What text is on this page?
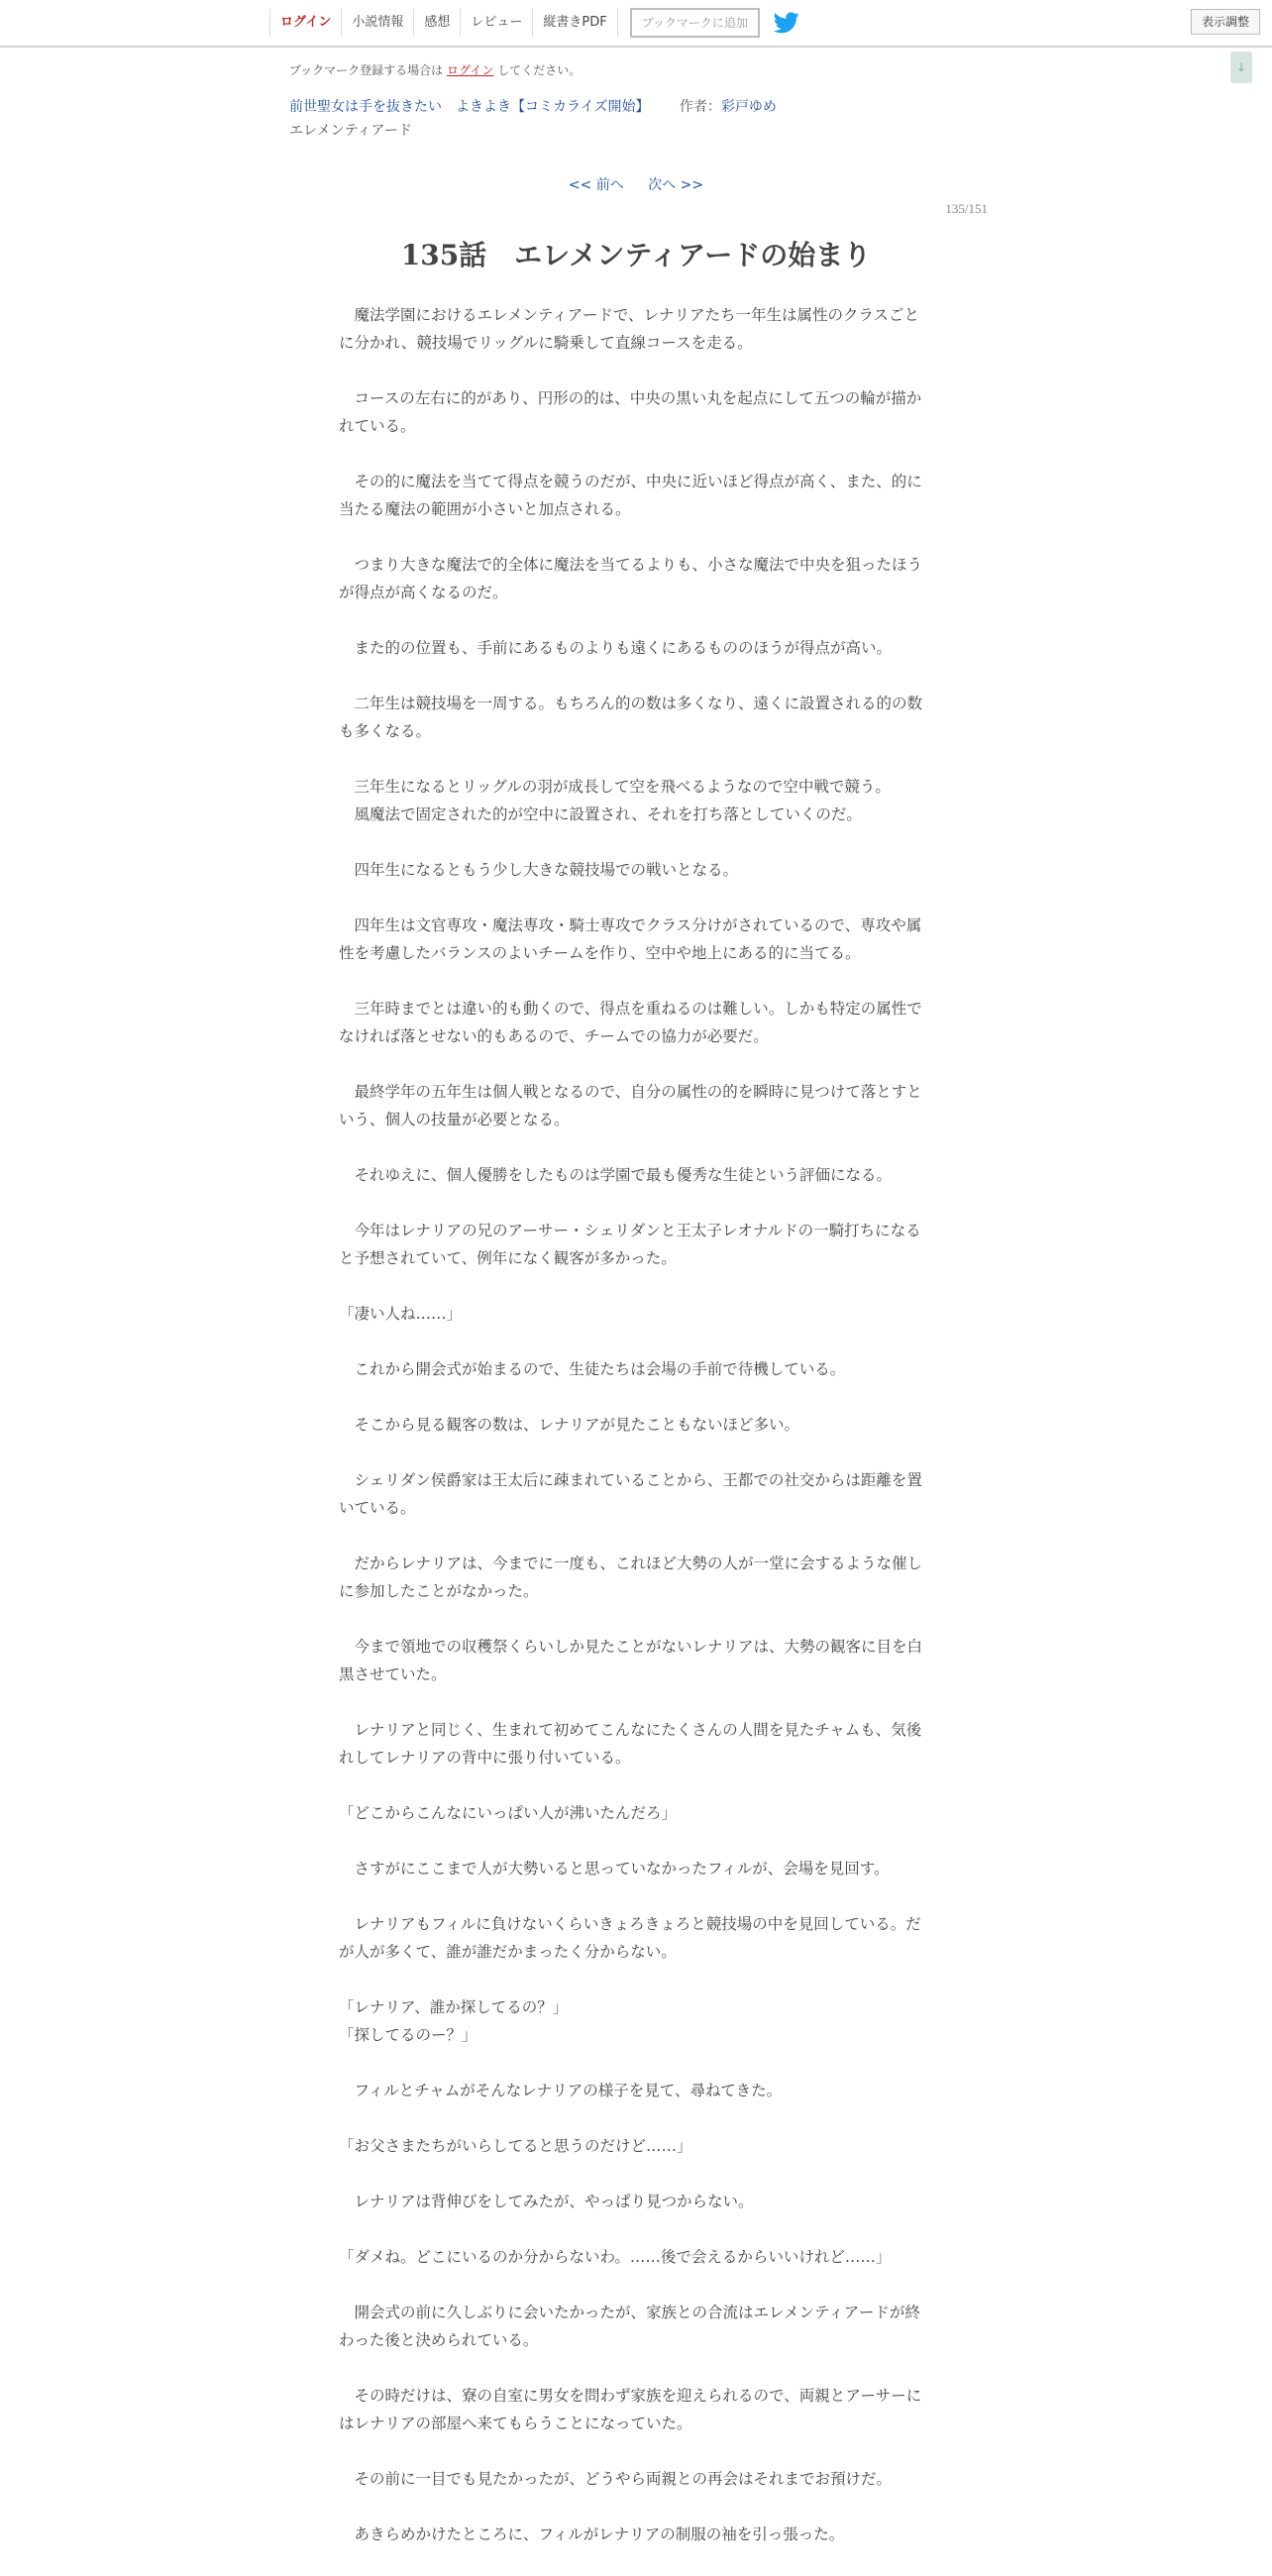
ログイン	小説情報	感想	レビュー	縦書きPDF	ブックマークに追加	表示調整
↓
ブックマーク登録する場合は ログイン してください。
前世聖女は手を抜きたい　よきよき【コミカライズ開始】 作者：彩戸ゆめ
エレメンティアード
<< 前へ 次へ >>
135/151
135話　エレメンティアードの始まり

　魔法学園におけるエレメンティアードで、レナリアたち一年生は属性のクラスごとに分かれ、競技場でリッグルに騎乗して直線コースを走る。

　コースの左右に的があり、円形の的は、中央の黒い丸を起点にして五つの輪が描かれている。

　その的に魔法を当てて得点を競うのだが、中央に近いほど得点が高く、また、的に当たる魔法の範囲が小さいと加点される。

　つまり大きな魔法で的全体に魔法を当てるよりも、小さな魔法で中央を狙ったほうが得点が高くなるのだ。

　また的の位置も、手前にあるものよりも遠くにあるもののほうが得点が高い。

　二年生は競技場を一周する。もちろん的の数は多くなり、遠くに設置される的の数も多くなる。

　三年生になるとリッグルの羽が成長して空を飛べるようなので空中戦で競う。
　風魔法で固定された的が空中に設置され、それを打ち落としていくのだ。

　四年生になるともう少し大きな競技場での戦いとなる。

　四年生は文官専攻・魔法専攻・騎士専攻でクラス分けがされているので、専攻や属性を考慮したバランスのよいチームを作り、空中や地上にある的に当てる。

　三年時までとは違い的も動くので、得点を重ねるのは難しい。しかも特定の属性でなければ落とせない的もあるので、チームでの協力が必要だ。

　最終学年の五年生は個人戦となるので、自分の属性の的を瞬時に見つけて落とすという、個人の技量が必要となる。

　それゆえに、個人優勝をしたものは学園で最も優秀な生徒という評価になる。

　今年はレナリアの兄のアーサー・シェリダンと王太子レオナルドの一騎打ちになると予想されていて、例年になく観客が多かった。

「凄い人ね……」

　これから開会式が始まるので、生徒たちは会場の手前で待機している。

　そこから見る観客の数は、レナリアが見たこともないほど多い。

　シェリダン侯爵家は王太后に疎まれていることから、王都での社交からは距離を置いている。

　だからレナリアは、今までに一度も、これほど大勢の人が一堂に会するような催しに参加したことがなかった。

　今まで領地での収穫祭くらいしか見たことがないレナリアは、大勢の観客に目を白黒させていた。

　レナリアと同じく、生まれて初めてこんなにたくさんの人間を見たチャムも、気後れしてレナリアの背中に張り付いている。

「どこからこんなにいっぱい人が沸いたんだろ」

　さすがにここまで人が大勢いると思っていなかったフィルが、会場を見回す。

　レナリアもフィルに負けないくらいきょろきょろと競技場の中を見回している。だが人が多くて、誰が誰だかまったく分からない。

「レナリア、誰か探してるの？」
「探してるのー？」

　フィルとチャムがそんなレナリアの様子を見て、尋ねてきた。

「お父さまたちがいらしてると思うのだけど……」

　レナリアは背伸びをしてみたが、やっぱり見つからない。

「ダメね。どこにいるのか分からないわ。……後で会えるからいいけれど……」

　開会式の前に久しぶりに会いたかったが、家族との合流はエレメンティアードが終わった後と決められている。

　その時だけは、寮の自室に男女を問わず家族を迎えられるので、両親とアーサーにはレナリアの部屋へ来てもらうことになっていた。

　その前に一目でも見たかったが、どうやら両親との再会はそれまでお預けだ。

　あきらめかけたところに、フィルがレナリアの制服の袖を引っ張った。
